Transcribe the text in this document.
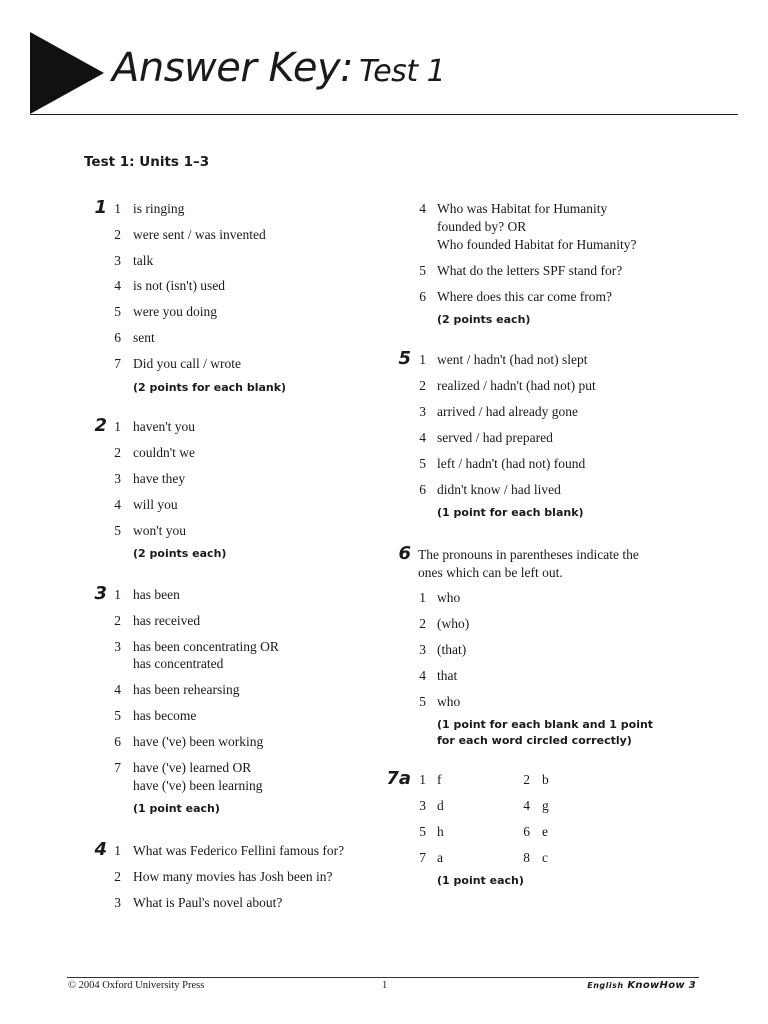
Answer Key: Test 1
Test 1: Units 1–3
1 1 is ringing
2 were sent / was invented
3 talk
4 is not (isn't) used
5 were you doing
6 sent
7 Did you call / wrote
(2 points for each blank)
2 1 haven't you
2 couldn't we
3 have they
4 will you
5 won't you
(2 points each)
3 1 has been
2 has received
3 has been concentrating OR
has concentrated
4 has been rehearsing
5 has become
6 have ('ve) been working
7 have ('ve) learned OR
have ('ve) been learning
(1 point each)
4 1 What was Federico Fellini famous for?
2 How many movies has Josh been in?
3 What is Paul's novel about?
4 Who was Habitat for Humanity
founded by? OR
Who founded Habitat for Humanity?
5 What do the letters SPF stand for?
6 Where does this car come from?
(2 points each)
5 1 went / hadn't (had not) slept
2 realized / hadn't (had not) put
3 arrived / had already gone
4 served / had prepared
5 left / hadn't (had not) found
6 didn't know / had lived
(1 point for each blank)
6 The pronouns in parentheses indicate the
ones which can be left out.
1 who
2 (who)
3 (that)
4 that
5 who
(1 point for each blank and 1 point
for each word circled correctly)
7a 1 f	2 b
3 d	4 g
5 h	6 e
7 a	8 c
(1 point each)
© 2004 Oxford University Press	1	English KnowHow 3
